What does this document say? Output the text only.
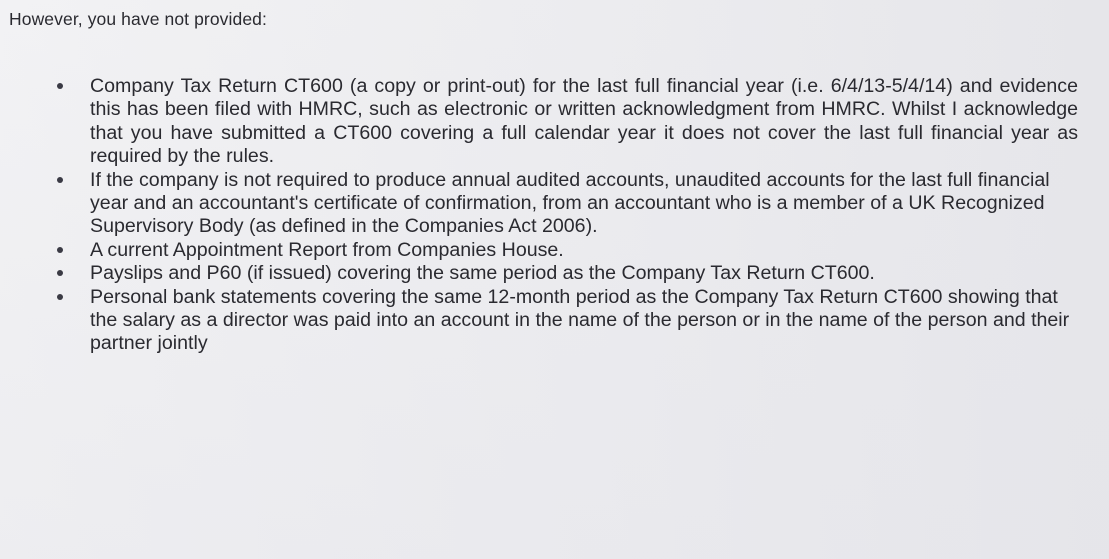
However, you have not provided:
Company Tax Return CT600 (a copy or print-out) for the last full financial year (i.e. 6/4/13-5/4/14) and evidence this has been filed with HMRC, such as electronic or written acknowledgment from HMRC. Whilst I acknowledge that you have submitted a CT600 covering a full calendar year it does not cover the last full financial year as required by the rules.
If the company is not required to produce annual audited accounts, unaudited accounts for the last full financial year and an accountant's certificate of confirmation, from an accountant who is a member of a UK Recognized Supervisory Body (as defined in the Companies Act 2006).
A current Appointment Report from Companies House.
Payslips and P60 (if issued) covering the same period as the Company Tax Return CT600.
Personal bank statements covering the same 12-month period as the Company Tax Return CT600 showing that the salary as a director was paid into an account in the name of the person or in the name of the person and their partner jointly
